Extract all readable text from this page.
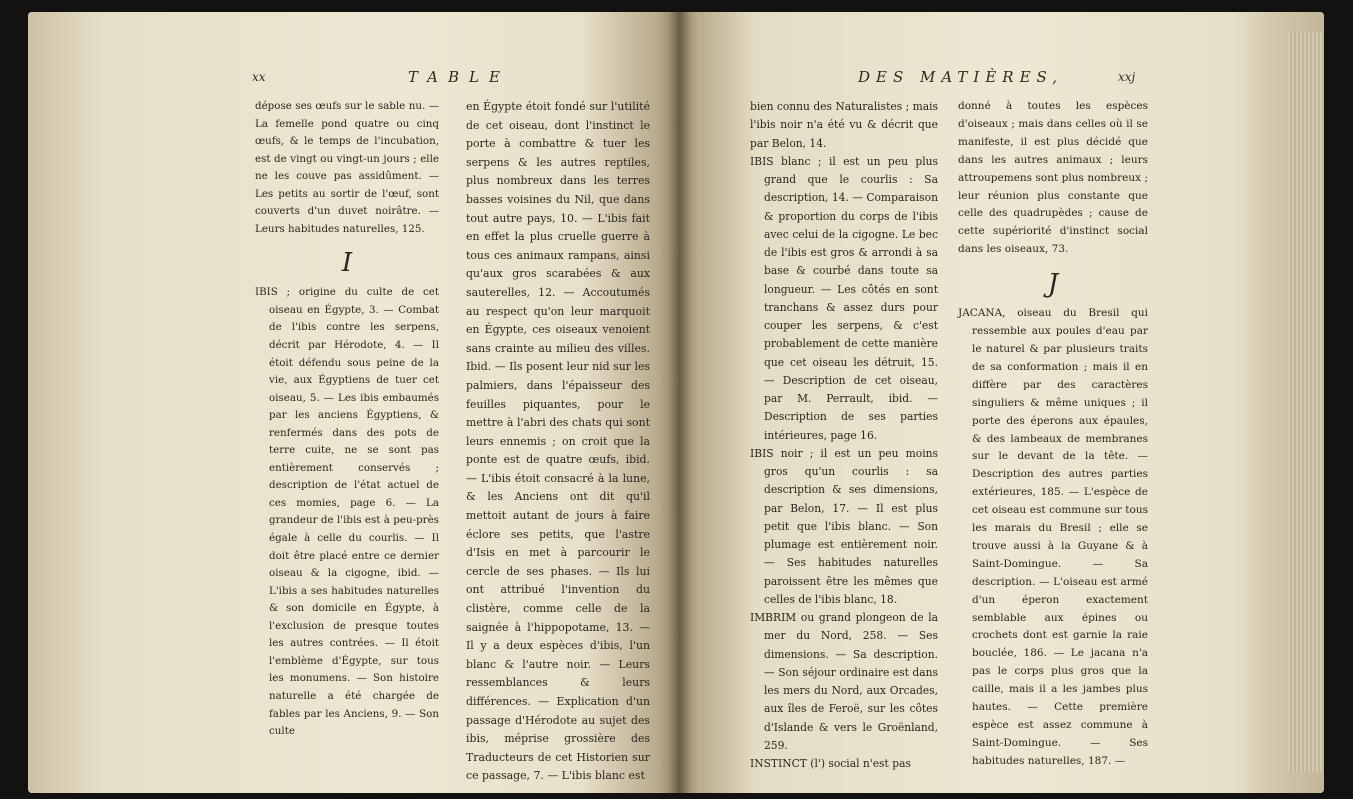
xx	TABLE	DES MATIÈRES,	xxj

dépose ses œufs sur le sable nu. — La femelle pond quatre ou cinq œufs, & le temps de l'incubation, est de vingt ou vingt-un jours ; elle ne les couve pas assidûment. — Les petits au sortir de l'œuf, sont couverts d'un duvet noirâtre. — Leurs habitudes naturelles, 125.

I

IBIS ; origine du culte de cet oiseau en Égypte, 3. — Combat de l'ibis contre les serpens, décrit par Hérodote, 4. — Il étoit défendu sous peine de la vie, aux Égyptiens de tuer cet oiseau, 5. — Les ibis embaumés par les anciens Égyptiens, & renfermés dans des pots de terre cuite, ne se sont pas entièrement conservés ; description de l'état actuel de ces momies, page 6. — La grandeur de l'ibis est à peu-près égale à celle du courlis. — Il doit être placé entre ce dernier oiseau & la cigogne, ibid. — L'ibis a ses habitudes naturelles & son domicile en Égypte, à l'exclusion de presque toutes les autres contrées. — Il étoit l'emblème d'Égypte, sur tous les monumens. — Son histoire naturelle a été chargée de fables par les Anciens, 9. — Son culte

en Égypte étoit fondé sur l'utilité de cet oiseau, dont l'instinct le porte à combattre & tuer les serpens & les autres reptiles, plus nombreux dans les terres basses voisines du Nil, que dans tout autre pays, 10. — L'ibis fait en effet la plus cruelle guerre à tous ces animaux rampans, ainsi qu'aux gros scarabées & aux sauterelles, 12. — Accoutumés au respect qu'on leur marquoit en Égypte, ces oiseaux venoient sans crainte au milieu des villes. Ibid. — Ils posent leur nid sur les palmiers, dans l'épaisseur des feuilles piquantes, pour le mettre à l'abri des chats qui sont leurs ennemis ; on croit que la ponte est de quatre œufs, ibid. — L'ibis étoit consacré à la lune, & les Anciens ont dit qu'il mettoit autant de jours à faire éclore ses petits, que l'astre d'Isis en met à parcourir le cercle de ses phases. — Ils lui ont attribué l'invention du clistère, comme celle de la saignée à l'hippopotame, 13. — Il y a deux espèces d'ibis, l'un blanc & l'autre noir. — Leurs ressemblances & leurs différences. — Explication d'un passage d'Hérodote au sujet des ibis, méprise grossière des Traducteurs de cet Historien sur ce passage, 7. — L'ibis blanc est

bien connu des Naturalistes ; mais l'ibis noir n'a été vu & décrit que par Belon, 14.

IBIS blanc ; il est un peu plus grand que le courlis : Sa description, 14. — Comparaison & proportion du corps de l'ibis avec celui de la cigogne. Le bec de l'ibis est gros & arrondi à sa base & courbé dans toute sa longueur. — Les côtés en sont tranchans & assez durs pour couper les serpens, & c'est probablement de cette manière que cet oiseau les détruit, 15. — Description de cet oiseau, par M. Perrault, ibid. — Description de ses parties intérieures, page 16.

IBIS noir ; il est un peu moins gros qu'un courlis : sa description & ses dimensions, par Belon, 17. — Il est plus petit que l'ibis blanc. — Son plumage est entièrement noir. — Ses habitudes naturelles paroissent être les mêmes que celles de l'ibis blanc, 18.

IMBRIM ou grand plongeon de la mer du Nord, 258. — Ses dimensions. — Sa description. — Son séjour ordinaire est dans les mers du Nord, aux Orcades, aux îles de Feroë, sur les côtes d'Islande & vers le Groënland, 259.

INSTINCT (l') social n'est pas

donné à toutes les espèces d'oiseaux ; mais dans celles où il se manifeste, il est plus décidé que dans les autres animaux ; leurs attroupemens sont plus nombreux ; leur réunion plus constante que celle des quadrupèdes ; cause de cette supériorité d'instinct social dans les oiseaux, 73.

J

JACANA, oiseau du Bresil qui ressemble aux poules d'eau par le naturel & par plusieurs traits de sa conformation ; mais il en diffère par des caractères singuliers & même uniques ; il porte des éperons aux épaules, & des lambeaux de membranes sur le devant de la tête. — Description des autres parties extérieures, 185. — L'espèce de cet oiseau est commune sur tous les marais du Bresil ; elle se trouve aussi à la Guyane & à Saint-Domingue. — Sa description. — L'oiseau est armé d'un éperon exactement semblable aux épines ou crochets dont est garnie la raie bouclée, 186. — Le jacana n'a pas le corps plus gros que la caille, mais il a les jambes plus hautes. — Cette première espèce est assez commune à Saint-Domingue. — Ses habitudes naturelles, 187. —
